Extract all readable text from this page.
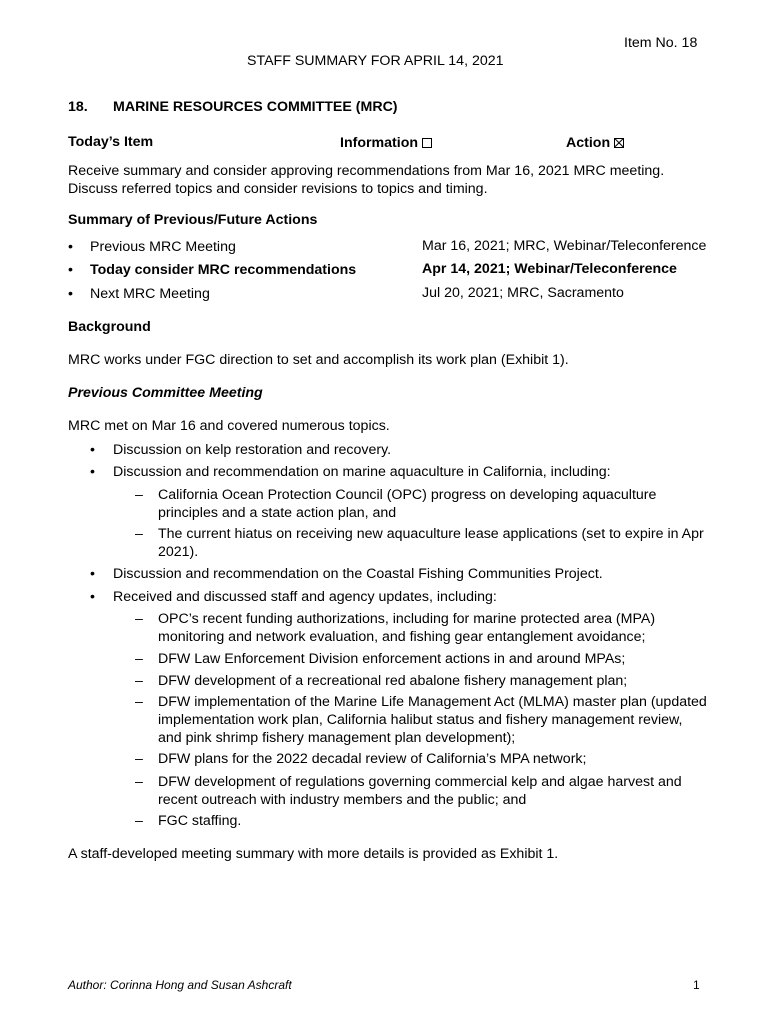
Item No. 18
STAFF SUMMARY FOR APRIL 14, 2021
18. MARINE RESOURCES COMMITTEE (MRC)
Today’s Item	Information	Action
Receive summary and consider approving recommendations from Mar 16, 2021 MRC meeting. Discuss referred topics and consider revisions to topics and timing.
Summary of Previous/Future Actions
• Previous MRC Meeting	Mar 16, 2021; MRC, Webinar/Teleconference
• Today consider MRC recommendations	Apr 14, 2021; Webinar/Teleconference
• Next MRC Meeting	Jul 20, 2021; MRC, Sacramento
Background
MRC works under FGC direction to set and accomplish its work plan (Exhibit 1).
Previous Committee Meeting
MRC met on Mar 16 and covered numerous topics.
• Discussion on kelp restoration and recovery.
• Discussion and recommendation on marine aquaculture in California, including:
– California Ocean Protection Council (OPC) progress on developing aquaculture principles and a state action plan, and
– The current hiatus on receiving new aquaculture lease applications (set to expire in Apr 2021).
• Discussion and recommendation on the Coastal Fishing Communities Project.
• Received and discussed staff and agency updates, including:
– OPC’s recent funding authorizations, including for marine protected area (MPA) monitoring and network evaluation, and fishing gear entanglement avoidance;
– DFW Law Enforcement Division enforcement actions in and around MPAs;
– DFW development of a recreational red abalone fishery management plan;
– DFW implementation of the Marine Life Management Act (MLMA) master plan (updated implementation work plan, California halibut status and fishery management review, and pink shrimp fishery management plan development);
– DFW plans for the 2022 decadal review of California’s MPA network;
– DFW development of regulations governing commercial kelp and algae harvest and recent outreach with industry members and the public; and
– FGC staffing.
A staff-developed meeting summary with more details is provided as Exhibit 1.
Author: Corinna Hong and Susan Ashcraft	1
